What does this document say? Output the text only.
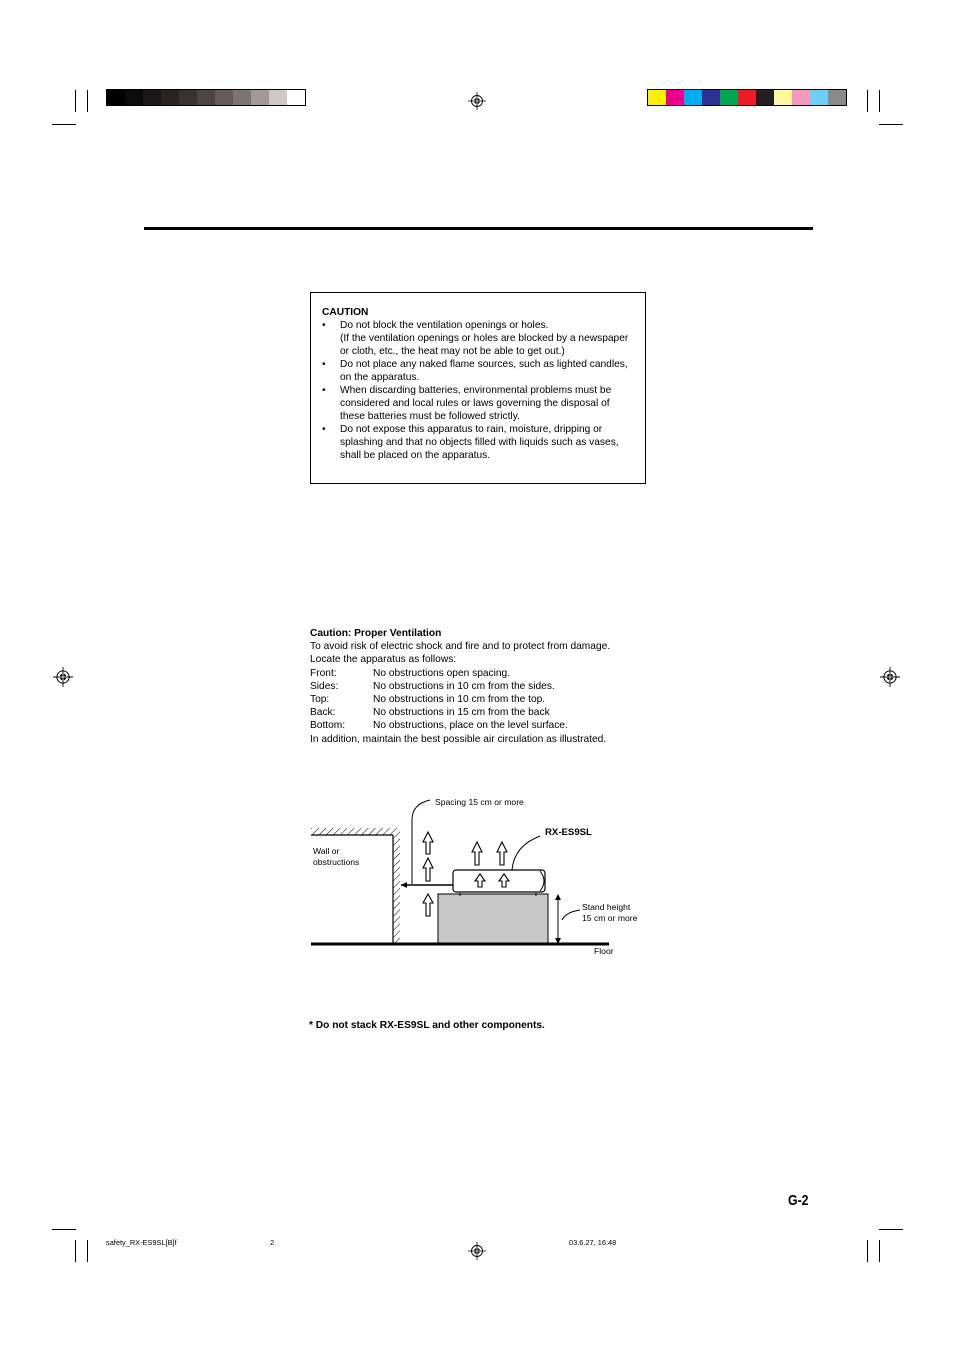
CAUTION
•	Do not block the ventilation openings or holes.
(If the ventilation openings or holes are blocked by a newspaper or cloth, etc., the heat may not be able to get out.)
•	Do not place any naked flame sources, such as lighted candles, on the apparatus.
•	When discarding batteries, environmental problems must be considered and local rules or laws governing the disposal of these batteries must be followed strictly.
•	Do not expose this apparatus to rain, moisture, dripping or splashing and that no objects filled with liquids such as vases, shall be placed on the apparatus.
Caution: Proper Ventilation
To avoid risk of electric shock and fire and to protect from damage.
Locate the apparatus as follows:
Front:	No obstructions open spacing.
Sides:	No obstructions in 10 cm from the sides.
Top:	No obstructions in 10 cm from the top.
Back:	No obstructions in 15 cm from the back
Bottom:	No obstructions, place on the level surface.
In addition, maintain the best possible air circulation as illustrated.
Spacing 15 cm or more
RX-ES9SL
Wall or
obstructions
Stand height
15 cm or more
Floor
* Do not stack RX-ES9SL and other components.
G-2
safety_RX-ES9SL[B]f	2	03.6.27, 16:48
